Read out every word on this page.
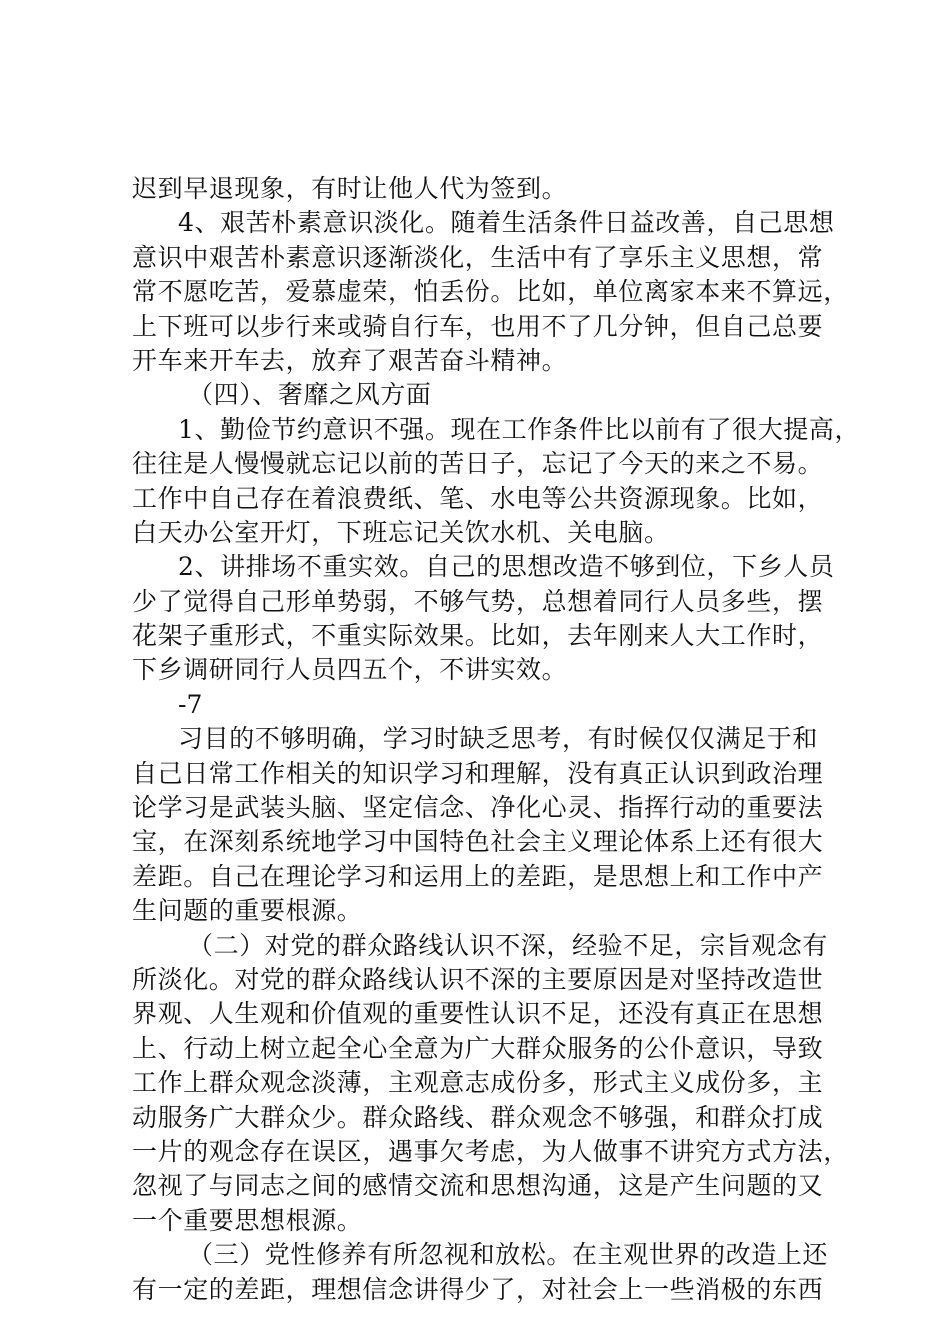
迟到早退现象，有时让他人代为签到。
4、艰苦朴素意识淡化。随着生活条件日益改善，自己思想
意识中艰苦朴素意识逐渐淡化，生活中有了享乐主义思想，常
常不愿吃苦，爱慕虚荣，怕丢份。比如，单位离家本来不算远，
上下班可以步行来或骑自行车，也用不了几分钟，但自己总要
开车来开车去，放弃了艰苦奋斗精神。
（四）、奢靡之风方面
1、勤俭节约意识不强。现在工作条件比以前有了很大提高，
往往是人慢慢就忘记以前的苦日子，忘记了今天的来之不易。
工作中自己存在着浪费纸、笔、水电等公共资源现象。比如，
白天办公室开灯，下班忘记关饮水机、关电脑。
2、讲排场不重实效。自己的思想改造不够到位，下乡人员
少了觉得自己形单势弱，不够气势，总想着同行人员多些，摆
花架子重形式，不重实际效果。比如，去年刚来人大工作时，
下乡调研同行人员四五个，不讲实效。
-7
习目的不够明确，学习时缺乏思考，有时候仅仅满足于和
自己日常工作相关的知识学习和理解，没有真正认识到政治理
论学习是武装头脑、坚定信念、净化心灵、指挥行动的重要法
宝，在深刻系统地学习中国特色社会主义理论体系上还有很大
差距。自己在理论学习和运用上的差距，是思想上和工作中产
生问题的重要根源。
（二）对党的群众路线认识不深，经验不足，宗旨观念有
所淡化。对党的群众路线认识不深的主要原因是对坚持改造世
界观、人生观和价值观的重要性认识不足，还没有真正在思想
上、行动上树立起全心全意为广大群众服务的公仆意识，导致
工作上群众观念淡薄，主观意志成份多，形式主义成份多，主
动服务广大群众少。群众路线、群众观念不够强，和群众打成
一片的观念存在误区，遇事欠考虑，为人做事不讲究方式方法，
忽视了与同志之间的感情交流和思想沟通，这是产生问题的又
一个重要思想根源。
（三）党性修养有所忽视和放松。在主观世界的改造上还
有一定的差距，理想信念讲得少了，对社会上一些消极的东西
